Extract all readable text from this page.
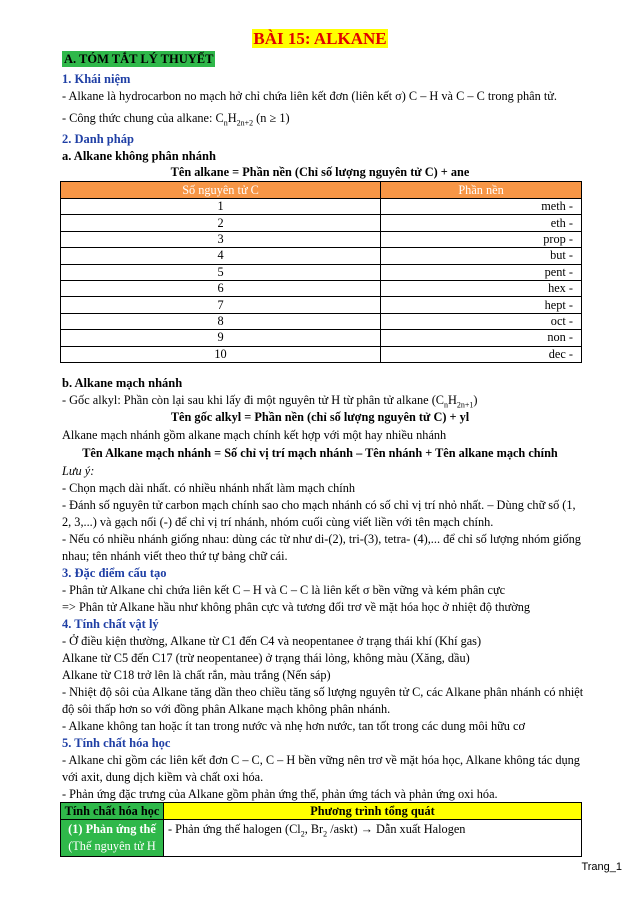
BÀI 15: ALKANE
A. TÓM TẮT LÝ THUYẾT
1. Khái niệm
- Alkane là hydrocarbon no mạch hở chỉ chứa liên kết đơn (liên kết σ) C – H và C – C trong phân tử.
- Công thức chung của alkane: $C_nH_{2n+2}$ (n ≥ 1)
2. Danh pháp
a. Alkane không phân nhánh
Tên alkane = Phần nền (Chỉ số lượng nguyên tử C) + ane
Số nguyên tử C	Phần nền
1	meth -
2	eth -
3	prop -
4	but -
5	pent -
6	hex -
7	hept -
8	oct -
9	non -
10	dec -
b. Alkane mạch nhánh
- Gốc alkyl: Phần còn lại sau khi lấy đi một nguyên tử H từ phân tử alkane $(C_nH_{2n+1})$
Tên gốc alkyl = Phần nền (chỉ số lượng nguyên tử C) + yl
Alkane mạch nhánh gồm alkane mạch chính kết hợp với một hay nhiều nhánh
Tên Alkane mạch nhánh = Số chỉ vị trí mạch nhánh – Tên nhánh + Tên alkane mạch chính
Lưu ý:
- Chọn mạch dài nhất. có nhiều nhánh nhất làm mạch chính
- Đánh số nguyên tử carbon mạch chính sao cho mạch nhánh có số chỉ vị trí nhỏ nhất. – Dùng chữ số (1,
2, 3,...) và gạch nối (-) để chỉ vị trí nhánh, nhóm cuối cùng viết liền với tên mạch chính.
- Nếu có nhiều nhánh giống nhau: dùng các từ như di-(2), tri-(3), tetra- (4),... để chỉ số lượng nhóm giống
nhau; tên nhánh viết theo thứ tự bảng chữ cái.
3. Đặc điểm cấu tạo
- Phân tử Alkane chỉ chứa liên kết C – H và C – C là liên kết σ bền vững và kém phân cực
=> Phân tử Alkane hầu như không phân cực và tương đối trơ về mặt hóa học ở nhiệt độ thường
4. Tính chất vật lý
- Ở điều kiện thường, Alkane từ C1 đến C4 và neopentanee ở trạng thái khí (Khí gas)
Alkane từ C5 đến C17 (trừ neopentanee) ở trạng thái lỏng, không màu (Xăng, dầu)
Alkane từ C18 trở lên là chất rắn, màu trắng (Nến sáp)
- Nhiệt độ sôi của Alkane tăng dần theo chiều tăng số lượng nguyên tử C, các Alkane phân nhánh có nhiệt
độ sôi thấp hơn so với đồng phân Alkane mạch không phân nhánh.
- Alkane không tan hoặc ít tan trong nước và nhẹ hơn nước, tan tốt trong các dung môi hữu cơ
5. Tính chất hóa học
- Alkane chỉ gồm các liên kết đơn C – C, C – H bền vững nên trơ về mặt hóa học, Alkane không tác dụng
với axit, dung dịch kiềm và chất oxi hóa.
- Phản ứng đặc trưng của Alkane gồm phản ứng thế, phản ứng tách và phản ứng oxi hóa.
Tính chất hóa học	Phương trình tổng quát

(1) Phản ứng thế
(Thế nguyên tử H	- Phản ứng thế halogen ($Cl_2$, $Br_2$ /askt) → Dẫn xuất Halogen
Trang_1
